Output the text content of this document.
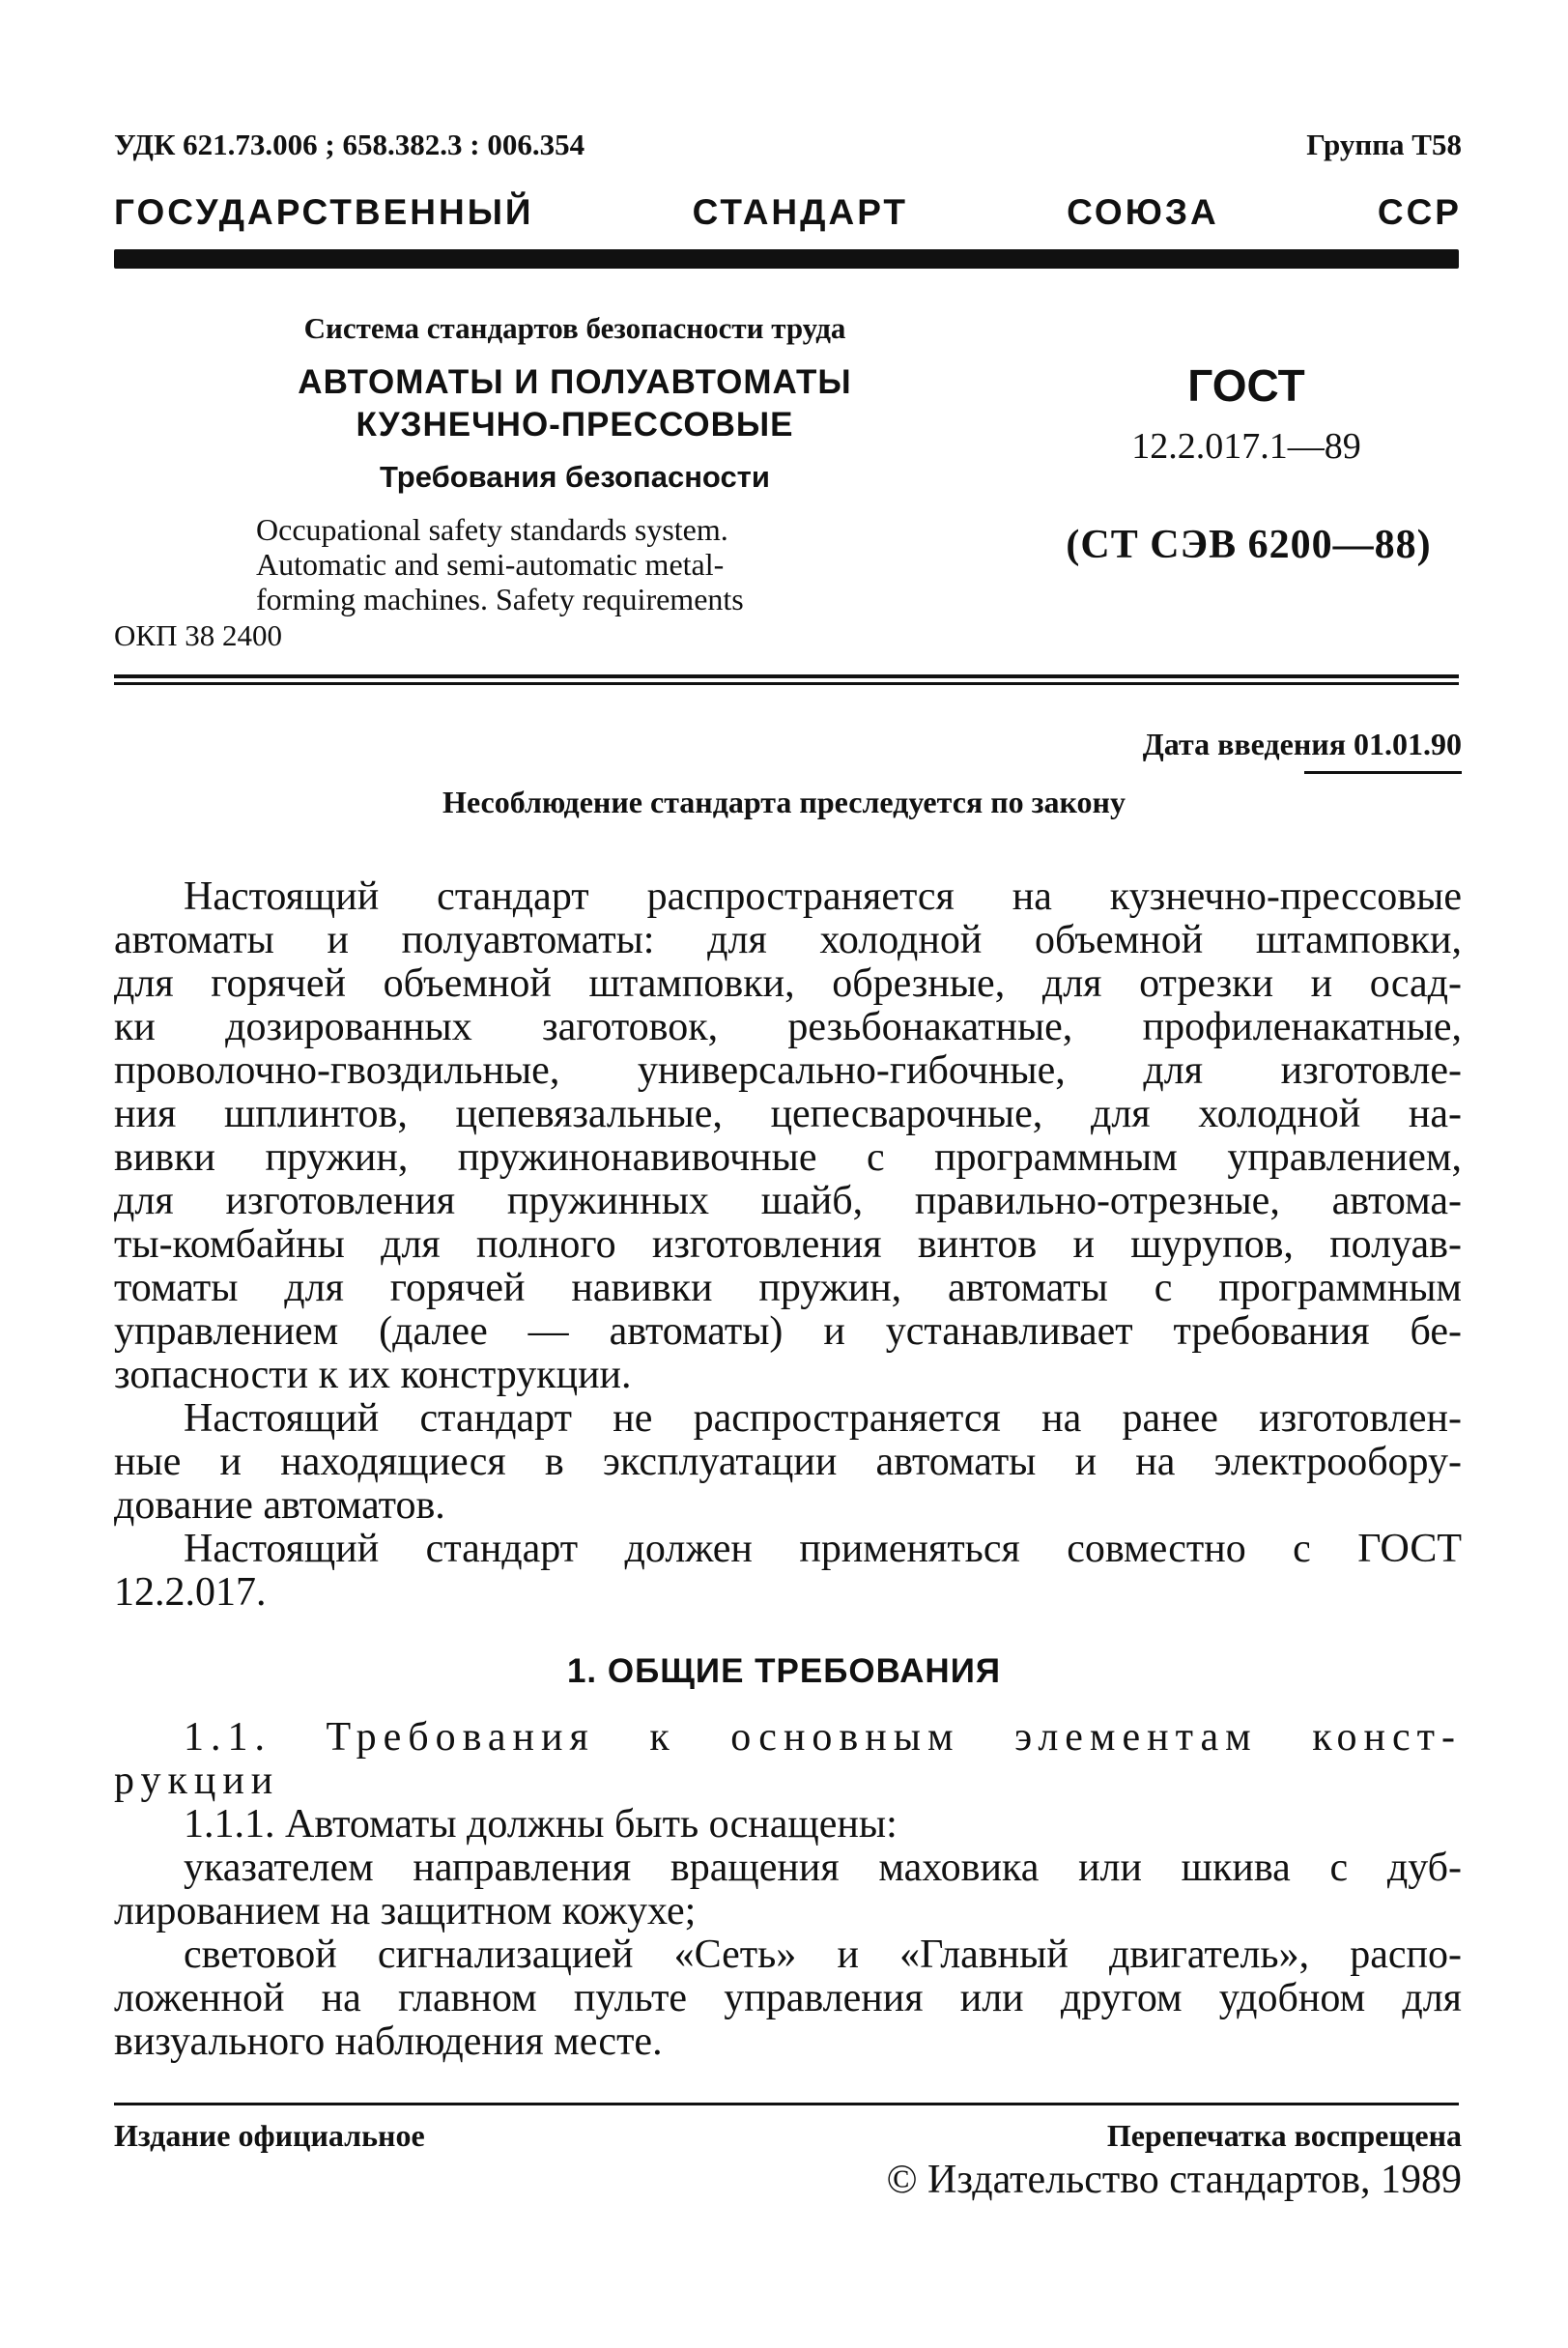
УДК 621.73.006 ; 658.382.3 : 006.354	Группа Т58
ГОСУДАРСТВЕННЫЙ СТАНДАРТ СОЮЗА ССР
Система стандартов безопасности труда
АВТОМАТЫ И ПОЛУАВТОМАТЫ
КУЗНЕЧНО-ПРЕССОВЫЕ
Требования безопасности
Occupational safety standards system.
Automatic and semi-automatic metal-
forming machines. Safety requirements
ОКП 38 2400
ГОСТ
12.2.017.1—89
(СТ СЭВ 6200—88)
Дата введения 01.01.90
Несоблюдение стандарта преследуется по закону
Настоящий стандарт распространяется на кузнечно-прессовые
автоматы и полуавтоматы: для холодной объемной штамповки,
для горячей объемной штамповки, обрезные, для отрезки и осад-
ки дозированных заготовок, резьбонакатные, профиленакатные,
проволочно-гвоздильные, универсально-гибочные, для изготовле-
ния шплинтов, цепевязальные, цепесварочные, для холодной на-
вивки пружин, пружинонавивочные с программным управлением,
для изготовления пружинных шайб, правильно-отрезные, автома-
ты-комбайны для полного изготовления винтов и шурупов, полуав-
томаты для горячей навивки пружин, автоматы с программным
управлением (далее — автоматы) и устанавливает требования бе-
зопасности к их конструкции.
Настоящий стандарт не распространяется на ранее изготовлен-
ные и находящиеся в эксплуатации автоматы и на электрообору-
дование автоматов.
Настоящий стандарт должен применяться совместно с ГОСТ
12.2.017.
1. ОБЩИЕ ТРЕБОВАНИЯ
1.1. Требования к основным элементам конст-
рукции
1.1.1. Автоматы должны быть оснащены:
указателем направления вращения маховика или шкива с дуб-
лированием на защитном кожухе;
световой сигнализацией «Сеть» и «Главный двигатель», распо-
ложенной на главном пульте управления или другом удобном для
визуального наблюдения месте.
Издание официальное	Перепечатка воспрещена
© Издательство стандартов, 1989
